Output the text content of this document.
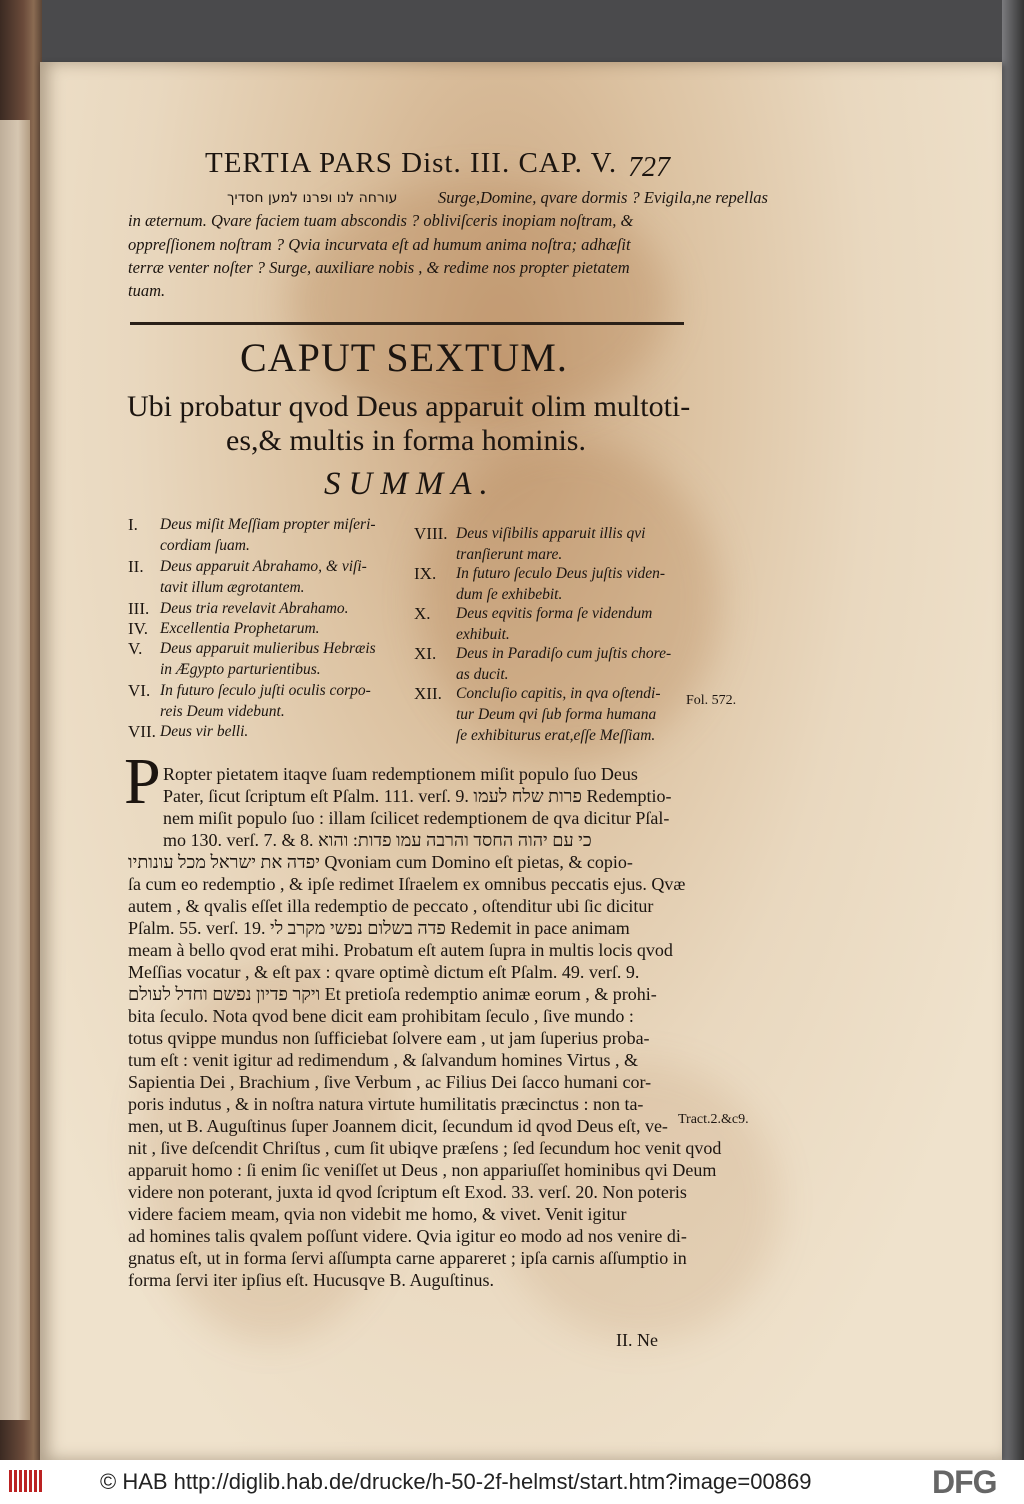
TERTIA PARS Dist. III. CAP. V. 727
עורחה לנו ופרנו למען חסדיך Surge,Domine, qvare dormis ? Evigila,ne repellas
in æternum. Qvare faciem tuam abscondis ? obliviſceris inopiam noſtram, &
oppreſſionem noſtram ? Qvia incurvata eſt ad humum anima noſtra; adhæſit
terræ venter noſter ? Surge, auxiliare nobis , & redime nos propter pietatem
tuam.
CAPUT SEXTUM.
Ubi probatur qvod Deus apparuit olim multoti-
es,& multis in forma hominis.
SUMMA.
I. Deus miſit Meſſiam propter miſeri-
cordiam ſuam.
II. Deus apparuit Abrahamo, & viſi-
tavit illum ægrotantem.
III. Deus tria revelavit Abrahamo.
IV. Excellentia Prophetarum.
V. Deus apparuit mulieribus Hebræis
in Ægypto parturientibus.
VI. In futuro ſeculo juſti oculis corpo-
reis Deum videbunt.
VII. Deus vir belli.
VIII. Deus viſibilis apparuit illis qvi
tranſierunt mare.
IX. In futuro ſeculo Deus juſtis viden-
dum ſe exhibebit.
X. Deus eqvitis forma ſe videndum
exhibuit.
XI. Deus in Paradiſo cum juſtis chore-
as ducit.
XII. Concluſio capitis, in qva oſtendi-
tur Deum qvi ſub forma humana
ſe exhibiturus erat,eſſe Meſſiam.
Fol. 572.
P Ropter pietatem itaqve ſuam redemptionem miſit populo ſuo Deus
Pater, ſicut ſcriptum eſt Pſalm. 111. verſ. 9. פרות שלח לעמו Redemptio-
nem miſit populo ſuo : illam ſcilicet redemptionem de qva dicitur Pſal-
mo 130. verſ. 7. & 8. כי עם יהוה החסד והרבה עמו פדות: והוא
יפדה את ישראל מכל עונותיו Qvoniam cum Domino eſt pietas, & copio-
ſa cum eo redemptio , & ipſe redimet Iſraelem ex omnibus peccatis ejus. Qvæ
autem , & qvalis eſſet illa redemptio de peccato , oſtenditur ubi ſic dicitur
Pſalm. 55. verſ. 19. פדה בשלום נפשי מקרב לי Redemit in pace animam
meam à bello qvod erat mihi. Probatum eſt autem ſupra in multis locis qvod
Meſſias vocatur , & eſt pax : qvare optimè dictum eſt Pſalm. 49. verſ. 9.
ויקר פדיון נפשם וחדל לעולם Et pretioſa redemptio animæ eorum , & prohi-
bita ſeculo. Nota qvod bene dicit eam prohibitam ſeculo , ſive mundo :
totus qvippe mundus non ſufficiebat ſolvere eam , ut jam ſuperius proba-
tum eſt : venit igitur ad redimendum , & ſalvandum homines Virtus , &
Sapientia Dei , Brachium , ſive Verbum , ac Filius Dei ſacco humani cor-
poris indutus , & in noſtra natura virtute humilitatis præcinctus : non ta-
men, ut B. Auguſtinus ſuper Joannem dicit, ſecundum id qvod Deus eſt, ve-
nit , ſive deſcendit Chriſtus , cum ſit ubiqve præſens ; ſed ſecundum hoc venit qvod
apparuit homo : ſi enim ſic veniſſet ut Deus , non appariuſſet hominibus qvi Deum
videre non poterant, juxta id qvod ſcriptum eſt Exod. 33. verſ. 20. Non poteris
videre faciem meam, qvia non videbit me homo, & vivet. Venit igitur
ad homines talis qvalem poſſunt videre. Qvia igitur eo modo ad nos venire di-
gnatus eſt, ut in forma ſervi aſſumpta carne appareret ; ipſa carnis aſſumptio in
forma ſervi iter ipſius eſt. Hucusqve B. Auguſtinus.
Tract.2.&c9.
II. Ne
© HAB http://diglib.hab.de/drucke/h-50-2f-helmst/start.htm?image=00869	DFG
